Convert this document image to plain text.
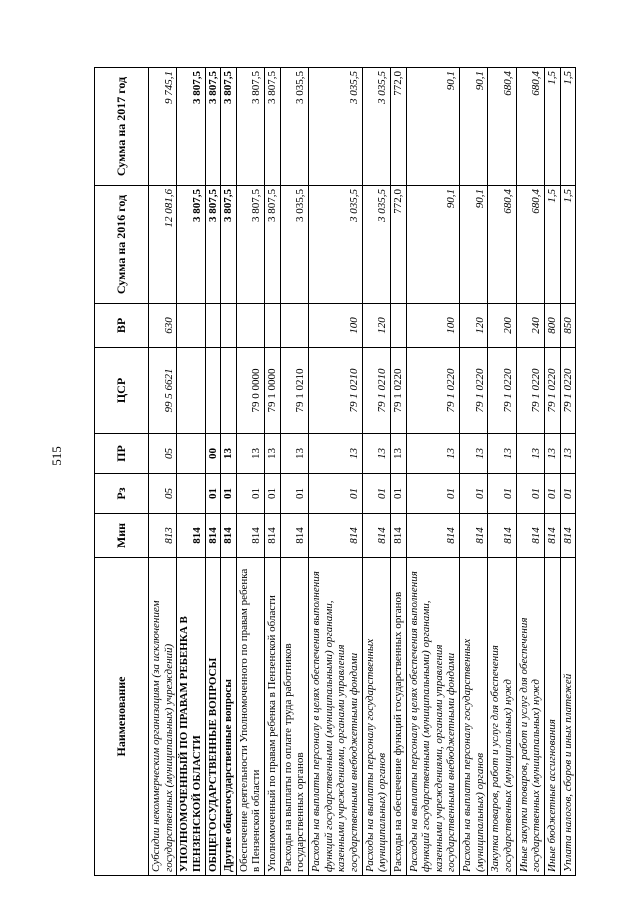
515
Наименование	Мин	Рз	ПР	ЦСР	ВР	Сумма на 2016 год	Сумма на 2017 год
Субсидии некоммерческим организациям (за исключением государственных (муниципальных) учреждений)	813	05	05	99 5 6621	630	12 081,6	9 745,1
УПОЛНОМОЧЕННЫЙ ПО ПРАВАМ РЕБЕНКА В ПЕНЗЕНСКОЙ ОБЛАСТИ	814					3 807,5	3 807,5
ОБЩЕГОСУДАРСТВЕННЫЕ ВОПРОСЫ	814	01	00			3 807,5	3 807,5
Другие общегосударственные вопросы	814	01	13			3 807,5	3 807,5
Обеспечение деятельности Уполномоченного по правам ребенка в Пензенской области	814	01	13	79 0 0000		3 807,5	3 807,5
Уполномоченный по правам ребенка в Пензенской области	814	01	13	79 1 0000		3 807,5	3 807,5
Расходы на выплаты по оплате труда работников государственных органов	814	01	13	79 1 0210		3 035,5	3 035,5
Расходы на выплаты персоналу в целях обеспечения выполнения функций государственными (муниципальными) органами, казенными учреждениями, органами управления государственными внебюджетными фондами	814	01	13	79 1 0210	100	3 035,5	3 035,5
Расходы на выплаты персоналу государственных (муниципальных) органов	814	01	13	79 1 0210	120	3 035,5	3 035,5
Расходы на обеспечение функций государственных органов	814	01	13	79 1 0220		772,0	772,0
Расходы на выплаты персоналу в целях обеспечения выполнения функций государственными (муниципальными) органами, казенными учреждениями, органами управления государственными внебюджетными фондами	814	01	13	79 1 0220	100	90,1	90,1
Расходы на выплаты персоналу государственных (муниципальных) органов	814	01	13	79 1 0220	120	90,1	90,1
Закупка товаров, работ и услуг для обеспечения государственных (муниципальных) нужд	814	01	13	79 1 0220	200	680,4	680,4
Иные закупки товаров, работ и услуг для обеспечения государственных (муниципальных) нужд	814	01	13	79 1 0220	240	680,4	680,4
Иные бюджетные ассигнования	814	01	13	79 1 0220	800	1,5	1,5
Уплата налогов, сборов и иных платежей	814	01	13	79 1 0220	850	1,5	1,5
